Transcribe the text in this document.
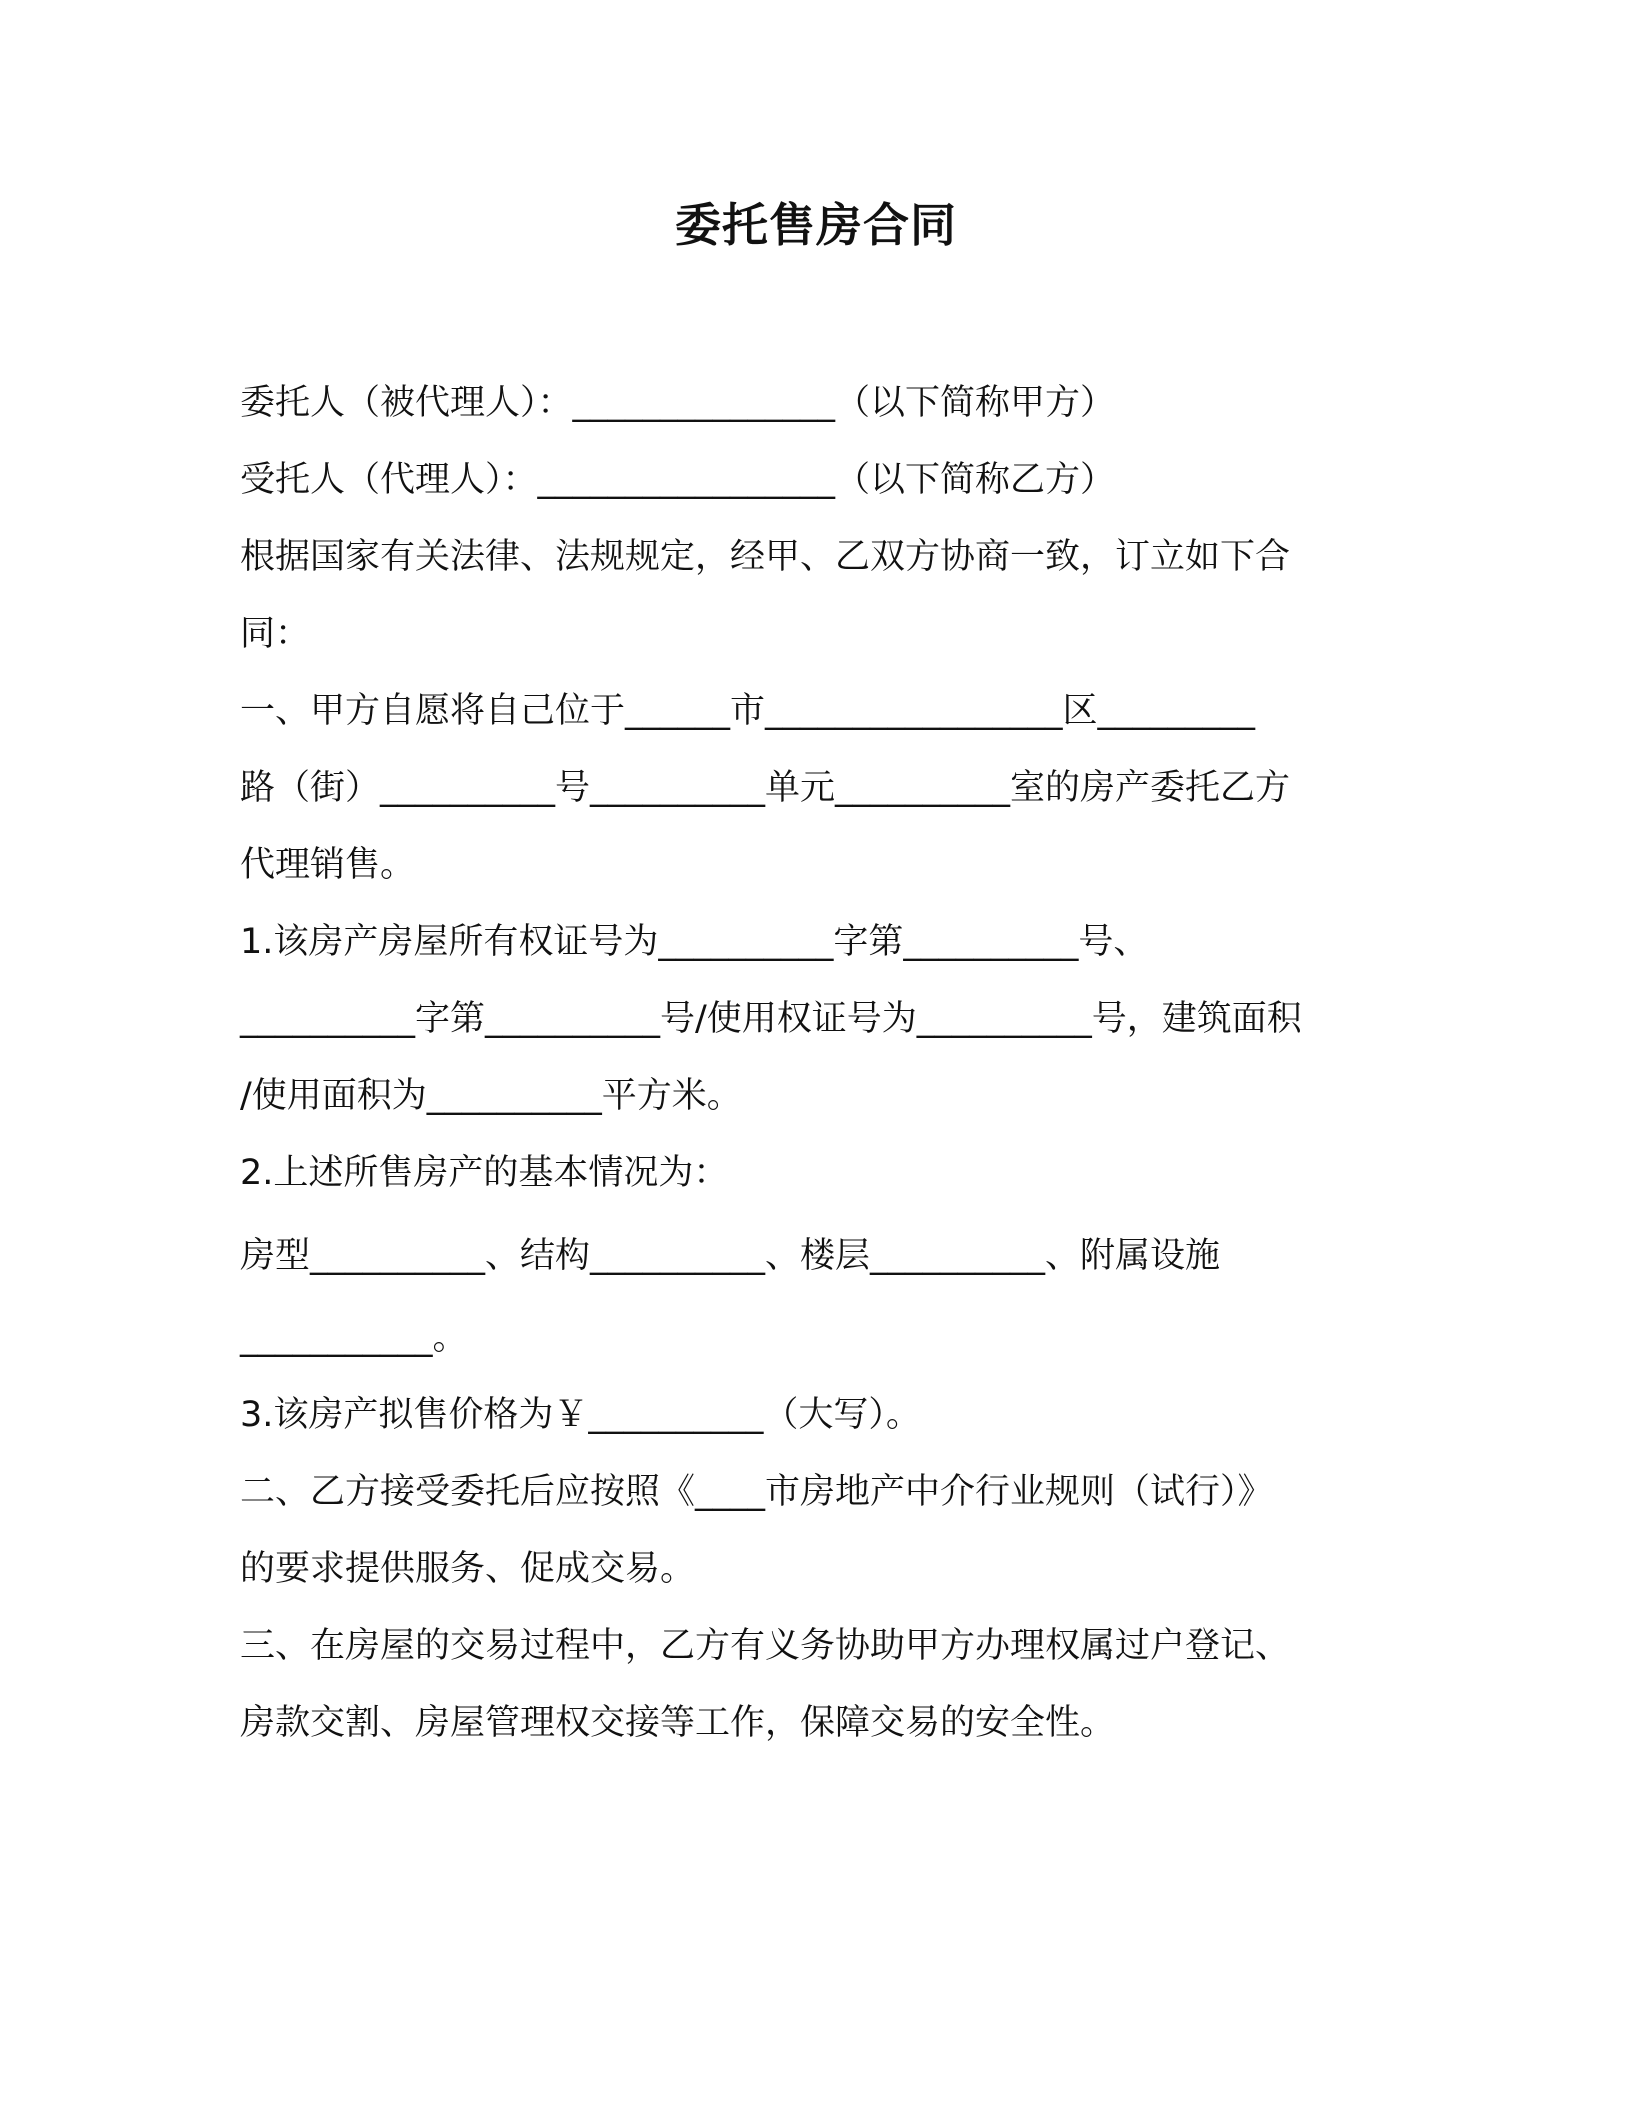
委托售房合同
委托人（被代理人）：_______________（以下简称甲方）
受托人（代理人）：_________________（以下简称乙方）
根据国家有关法律、法规规定，经甲、乙双方协商一致，订立如下合
同：
一、甲方自愿将自己位于______市_________________区_________
路（街）__________号__________单元__________室的房产委托乙方
代理销售。
1.该房产房屋所有权证号为__________字第__________号、
__________字第__________号/使用权证号为__________号，建筑面积
/使用面积为__________平方米。
2.上述所售房产的基本情况为：
房型__________、结构__________、楼层__________、附属设施
___________。
3.该房产拟售价格为￥__________（大写）。
二、乙方接受委托后应按照《____市房地产中介行业规则（试行）》
的要求提供服务、促成交易。
三、在房屋的交易过程中，乙方有义务协助甲方办理权属过户登记、
房款交割、房屋管理权交接等工作，保障交易的安全性。
